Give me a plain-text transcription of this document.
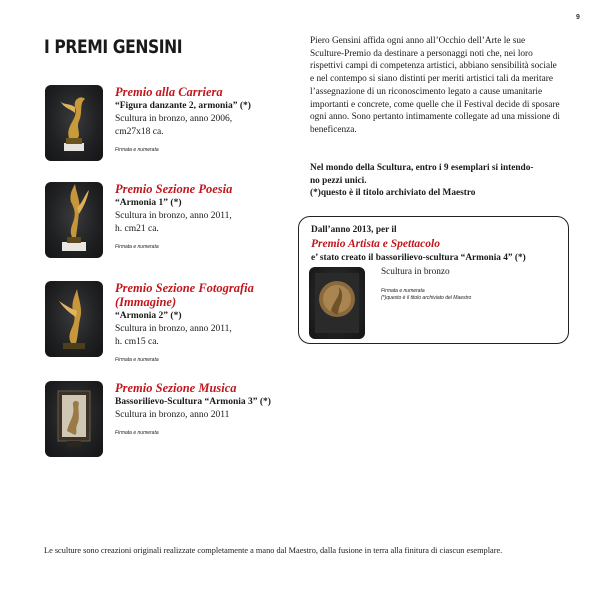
9
I PREMI GENSINI
Premio alla Carriera
“Figura danzante 2, armonia” (*)
Scultura in bronzo, anno 2006,
cm27x18 ca.
Firmata e numerata
Premio Sezione Poesia
“Armonia 1” (*)
Scultura in bronzo, anno 2011,
h. cm21 ca.
Firmata e numerata
Premio Sezione Fotografia (Immagine)
“Armonia 2” (*)
Scultura in bronzo, anno 2011,
h. cm15 ca.
Firmata e numerata
Premio Sezione Musica
Bassorilievo-Scultura “Armonia 3” (*)
Scultura in bronzo, anno 2011
Firmata e numerata

Piero Gensini affida ogni anno all’Occhio dell’Arte le sue Sculture-Premio da destinare a personaggi noti che, nei loro rispettivi campi di competenza artistici, abbiano sensibilità sociale e nel contempo si siano distinti per meriti artistici tali da meritare l’assegnazione di un riconoscimento legato a cause umanitarie importanti e concrete, come quelle che il Festival decide di sposare ogni anno. Sono pertanto intimamente collegate ad una missione di beneficenza.

Nel mondo della Scultura, entro i 9 esemplari si intendo-
no pezzi unici.
(*)questo è il titolo archiviato del Maestro

Dall’anno 2013, per il
Premio Artista e Spettacolo
e’ stato creato il bassorilievo-scultura “Armonia 4” (*)
Scultura in bronzo
Firmata e numerata
(*)questo è il titolo archiviato del Maestro

Le sculture sono creazioni originali realizzate completamente a mano dal Maestro, dalla fusione in terra alla finitura di ciascun esemplare.
